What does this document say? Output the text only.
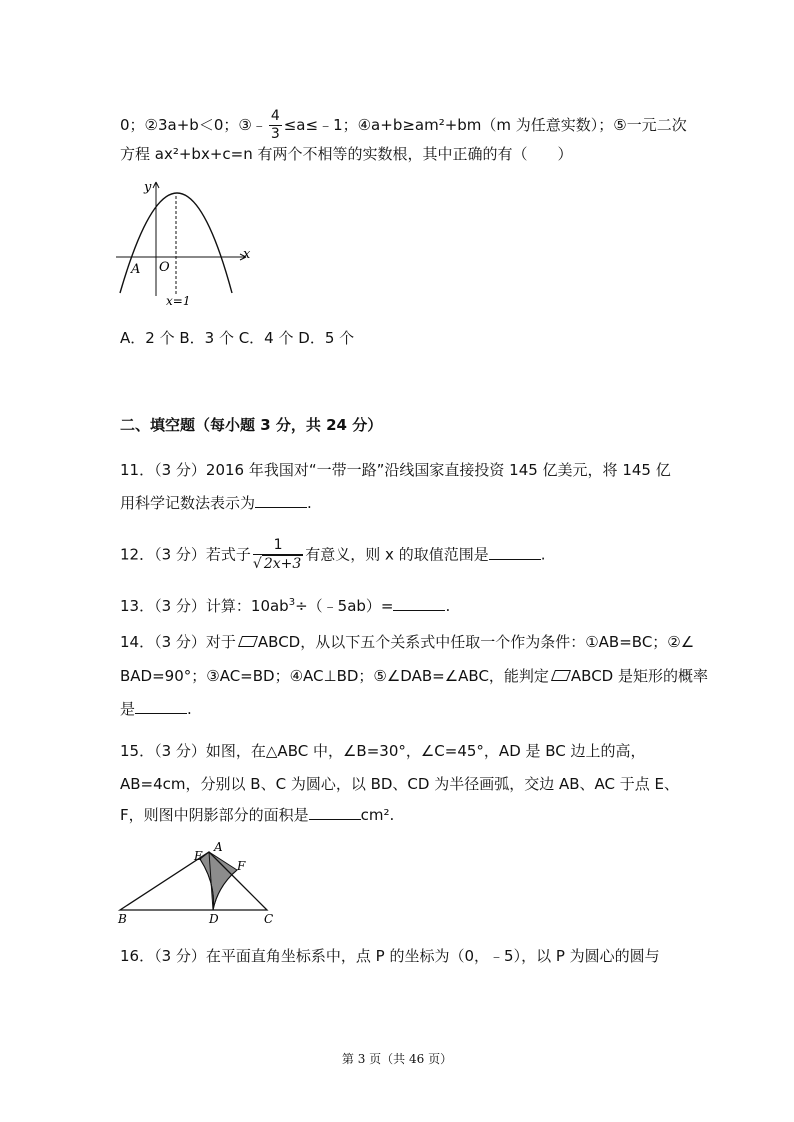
0；②3a+b＜0；③﹣ $\frac{4}{3}$ ≤a≤﹣1；④a+b≥am²+bm（m 为任意实数）；⑤一元二次
方程 ax²+bx+c=n 有两个不相等的实数根，其中正确的有（　　）
y
x
O
A
x=1
A．2 个 B．3 个 C．4 个 D．5 个
二、填空题（每小题 3 分，共 24 分）
11．（3 分）2016 年我国对“一带一路”沿线国家直接投资 145 亿美元，将 145 亿
用科学记数法表示为	.
12．（3 分）若式子 $\frac{1}{√ 2x+3}$ 有意义，则 x 的取值范围是	.
13．（3 分）计算：$10ab^3\div(﹣5ab)=$	.
14．（3 分）对于 ABCD，从以下五个关系式中任取一个作为条件：①AB=BC；②∠
BAD=90°；③AC=BD；④AC⊥BD；⑤∠DAB=∠ABC，能判定 ABCD 是矩形的概率
是	.
15．（3 分）如图，在△ABC 中，∠B=30°，∠C=45°，AD 是 BC 边上的高，
AB=4cm，分别以 B、C 为圆心，以 BD、CD 为半径画弧，交边 AB、AC 于点 E、
F，则图中阴影部分的面积是	cm².
A
E
F
B	D	C
16．（3 分）在平面直角坐标系中，点 P 的坐标为（0，﹣5），以 P 为圆心的圆与
第 3 页（共 46 页）
